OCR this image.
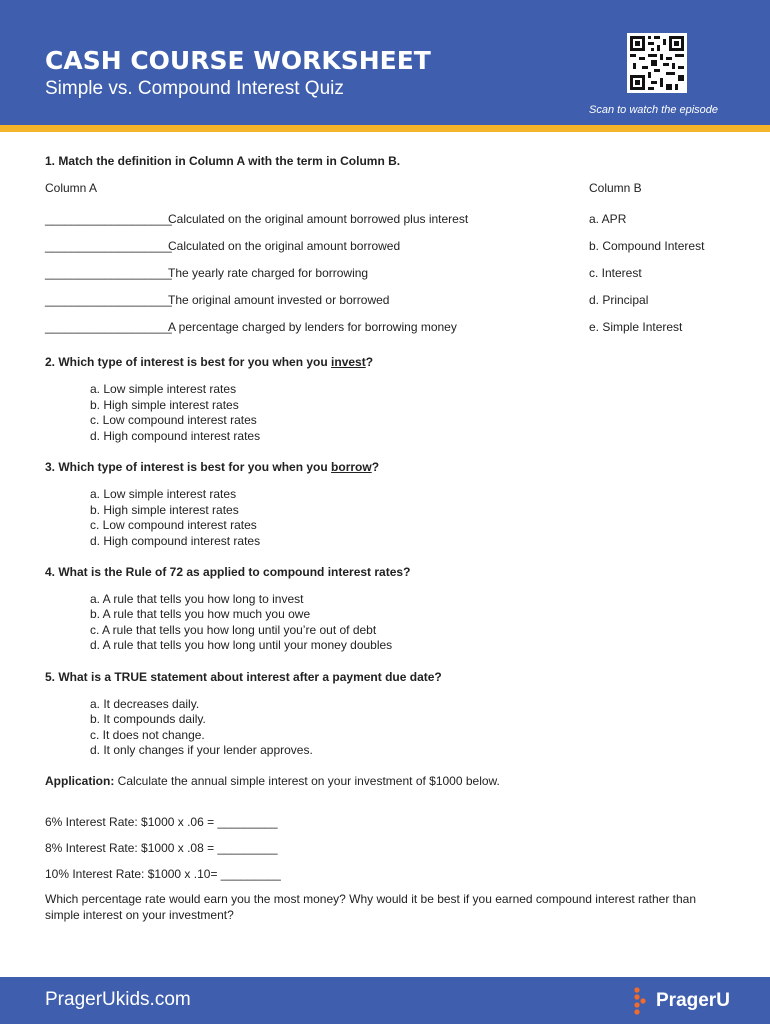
CASH COURSE WORKSHEET
Simple vs. Compound Interest Quiz
Scan to watch the episode
1. Match the definition in Column A with the term in Column B.
Column A	Column B
___________________
Calculated on the original amount borrowed plus interest	a. APR
___________________
Calculated on the original amount borrowed	b. Compound Interest
___________________
The yearly rate charged for borrowing	c. Interest
___________________
The original amount invested or borrowed	d. Principal
___________________
A percentage charged by lenders for borrowing money	e. Simple Interest
2. Which type of interest is best for you when you invest?
a. Low simple interest rates
b. High simple interest rates
c. Low compound interest rates
d. High compound interest rates
3. Which type of interest is best for you when you borrow?
a. Low simple interest rates
b. High simple interest rates
c. Low compound interest rates
d. High compound interest rates
4. What is the Rule of 72 as applied to compound interest rates?
a. A rule that tells you how long to invest
b. A rule that tells you how much you owe
c. A rule that tells you how long until you’re out of debt
d. A rule that tells you how long until your money doubles
5. What is a TRUE statement about interest after a payment due date?
a. It decreases daily.
b. It compounds daily.
c. It does not change.
d. It only changes if your lender approves.
Application: Calculate the annual simple interest on your investment of $1000 below.
6% Interest Rate: $1000 x .06 = _________
8% Interest Rate: $1000 x .08 = _________
10% Interest Rate: $1000 x .10= _________
Which percentage rate would earn you the most money? Why would it be best if you earned compound interest rather than simple interest on your investment?
PragerUkids.com	PragerU
